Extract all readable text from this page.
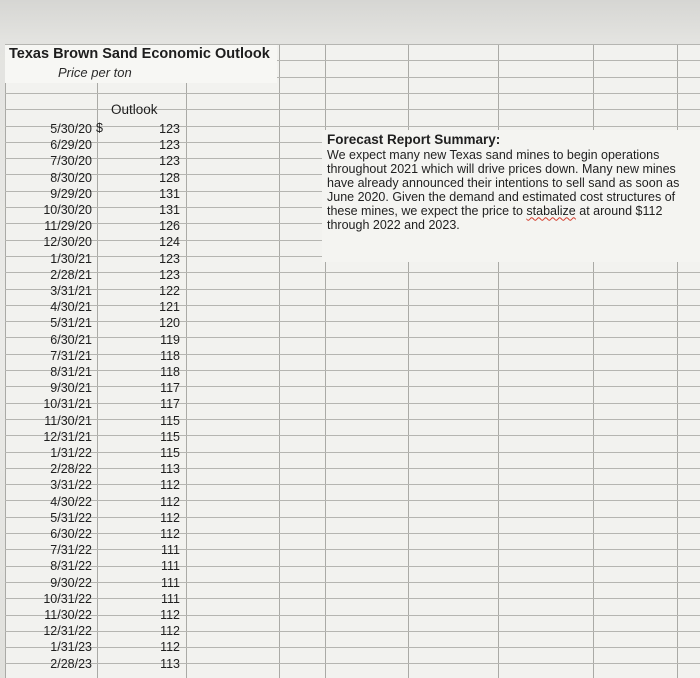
Texas Brown Sand Economic Outlook
Price per ton
Outlook
$
5/30/20	123
6/29/20	123
7/30/20	123
8/30/20	128
9/29/20	131
10/30/20	131
11/29/20	126
12/30/20	124
1/30/21	123
2/28/21	123
3/31/21	122
4/30/21	121
5/31/21	120
6/30/21	119
7/31/21	118
8/31/21	118
9/30/21	117
10/31/21	117
11/30/21	115
12/31/21	115
1/31/22	115
2/28/22	113
3/31/22	112
4/30/22	112
5/31/22	112
6/30/22	112
7/31/22	111
8/31/22	111
9/30/22	111
10/31/22	111
11/30/22	112
12/31/22	112
1/31/23	112
2/28/23	113
Forecast Report Summary:
We expect many new Texas sand mines to begin operations throughout 2021 which will drive prices down. Many new mines have already announced their intentions to sell sand as soon as June 2020. Given the demand and estimated cost structures of these mines, we expect the price to stabalize at around $112 through 2022 and 2023.
